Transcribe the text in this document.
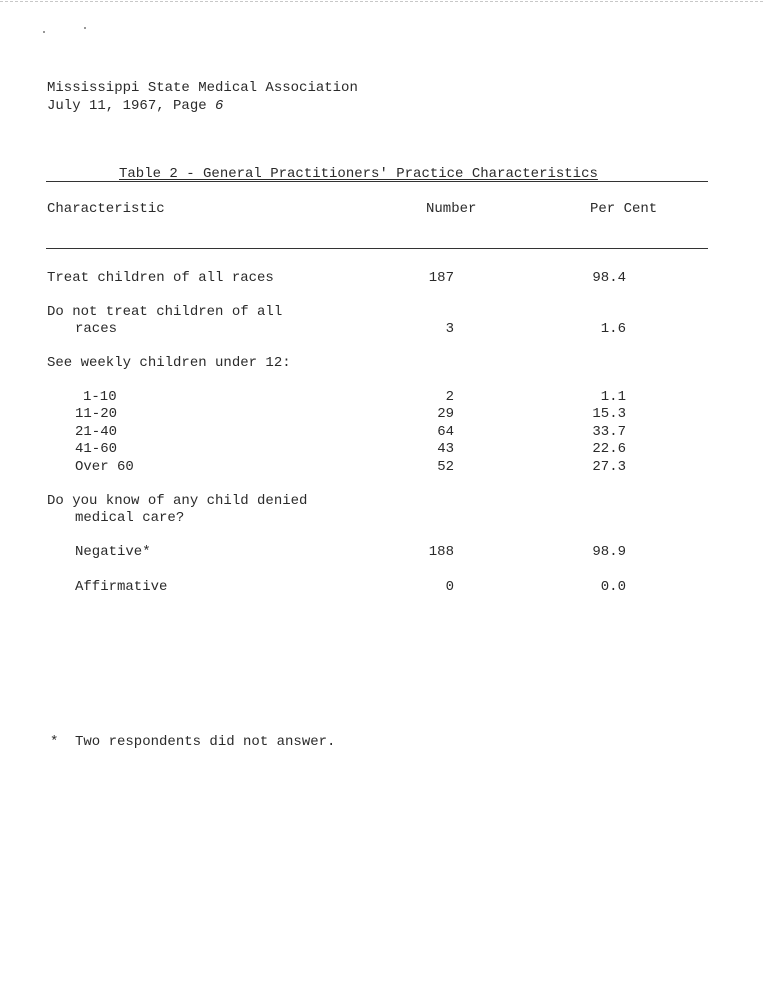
Mississippi State Medical Association
July 11, 1967, Page 6
Table 2 - General Practitioners' Practice Characteristics
Characteristic	Number	Per Cent
Treat children of all races	187	98.4
Do not treat children of all
races	3	1.6
See weekly children under 12:
1-10	2	1.1
11-20	29	15.3
21-40	64	33.7
41-60	43	22.6
Over 60	52	27.3
Do you know of any child denied
medical care?
Negative*	188	98.9
Affirmative	0	0.0
* Two respondents did not answer.
